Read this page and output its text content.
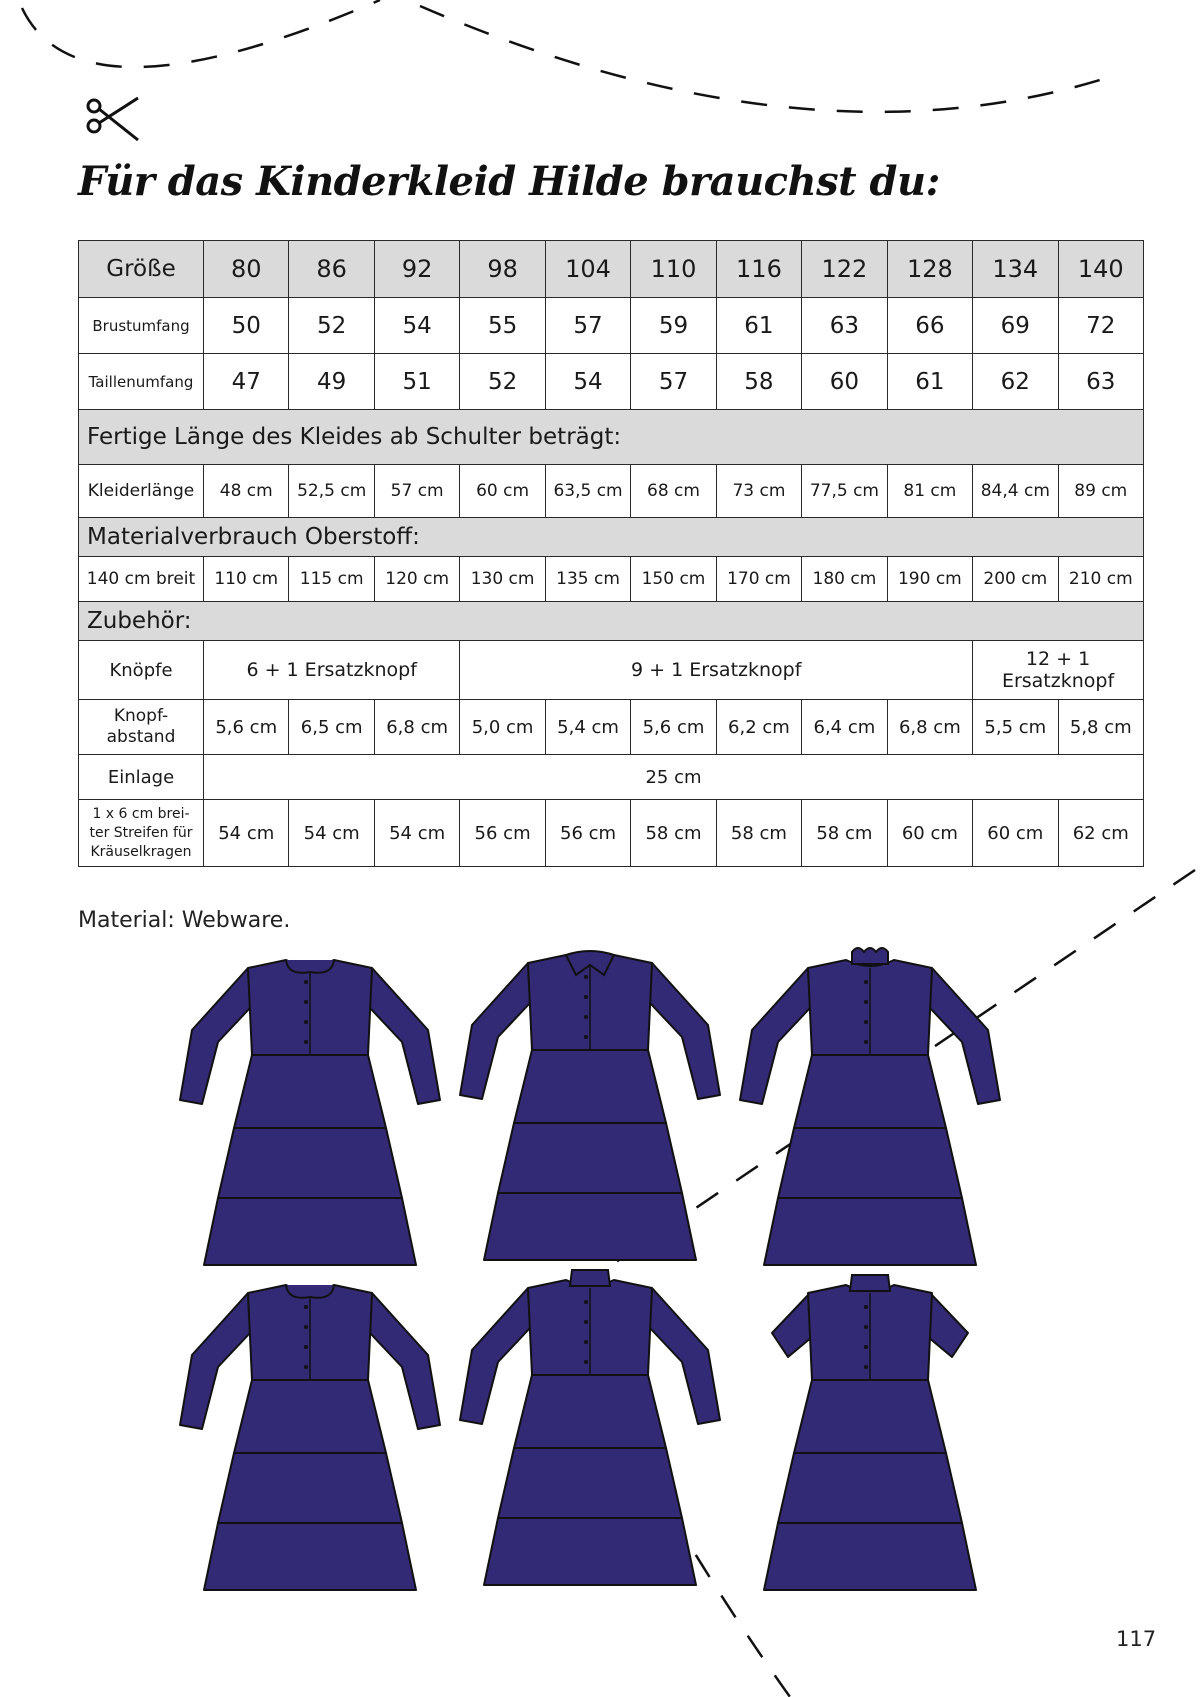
Für das Kinderkleid Hilde brauchst du:
Größe	80	86	92	98	104	110	116	122	128	134	140
Brustumfang	50	52	54	55	57	59	61	63	66	69	72
Taillenumfang	47	49	51	52	54	57	58	60	61	62	63
Fertige Länge des Kleides ab Schulter beträgt:											
Kleiderlänge	48 cm	52,5 cm	57 cm	60 cm	63,5 cm	68 cm	73 cm	77,5 cm	81 cm	84,4 cm	89 cm
Materialverbrauch Oberstoff:											
140 cm breit	110 cm	115 cm	120 cm	130 cm	135 cm	150 cm	170 cm	180 cm	190 cm	200 cm	210 cm
Zubehör:											
Knöpfe	6 + 1 Ersatzknopf			9 + 1 Ersatzknopf						12 + 1 Ersatzknopf	
Knopf-
abstand	5,6 cm	6,5 cm	6,8 cm	5,0 cm	5,4 cm	5,6 cm	6,2 cm	6,4 cm	6,8 cm	5,5 cm	5,8 cm
Einlage	25 cm										
1 x 6 cm brei-
ter Streifen für
Kräuselkragen	54 cm	54 cm	54 cm	56 cm	56 cm	58 cm	58 cm	58 cm	60 cm	60 cm	62 cm
Material: Webware.
117
